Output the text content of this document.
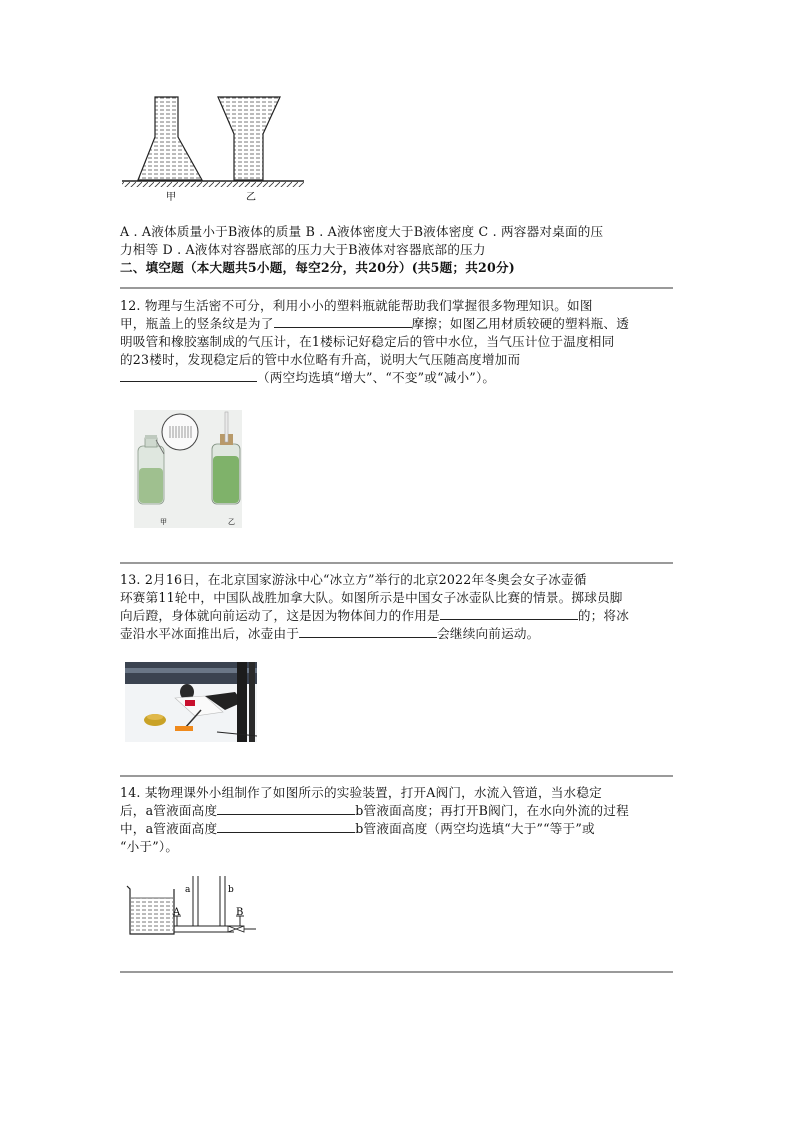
甲	乙
A . A液体质量小于B液体的质量 B . A液体密度大于B液体密度 C . 两容器对桌面的压
力相等 D . A液体对容器底部的压力大于B液体对容器底部的压力
二、填空题（本大题共5小题，每空2分，共20分）(共5题；共20分)
12. 物理与生活密不可分，利用小小的塑料瓶就能帮助我们掌握很多物理知识。如图
甲，瓶盖上的竖条纹是为了	摩擦；如图乙用材质较硬的塑料瓶、透
明吸管和橡胶塞制成的气压计，在1楼标记好稳定后的管中水位，当气压计位于温度相同
的23楼时，发现稳定后的管中水位略有升高，说明大气压随高度增加而
（两空均选填“增大”、“不变”或“减小”）。
甲	乙
13. 2月16日，在北京国家游泳中心“冰立方”举行的北京2022年冬奥会女子冰壶循
环赛第11轮中，中国队战胜加拿大队。如图所示是中国女子冰壶队比赛的情景。掷球员脚
向后蹬，身体就向前运动了，这是因为物体间力的作用是	的；将冰
壶沿水平冰面推出后，冰壶由于	会继续向前运动。
14. 某物理课外小组制作了如图所示的实验装置，打开A阀门，水流入管道，当水稳定
后，a管液面高度	b管液面高度；再打开B阀门，在水向外流的过程
中，a管液面高度	b管液面高度（两空均选填“大于”“等于”或
“小于”）。
a	b
A	B
